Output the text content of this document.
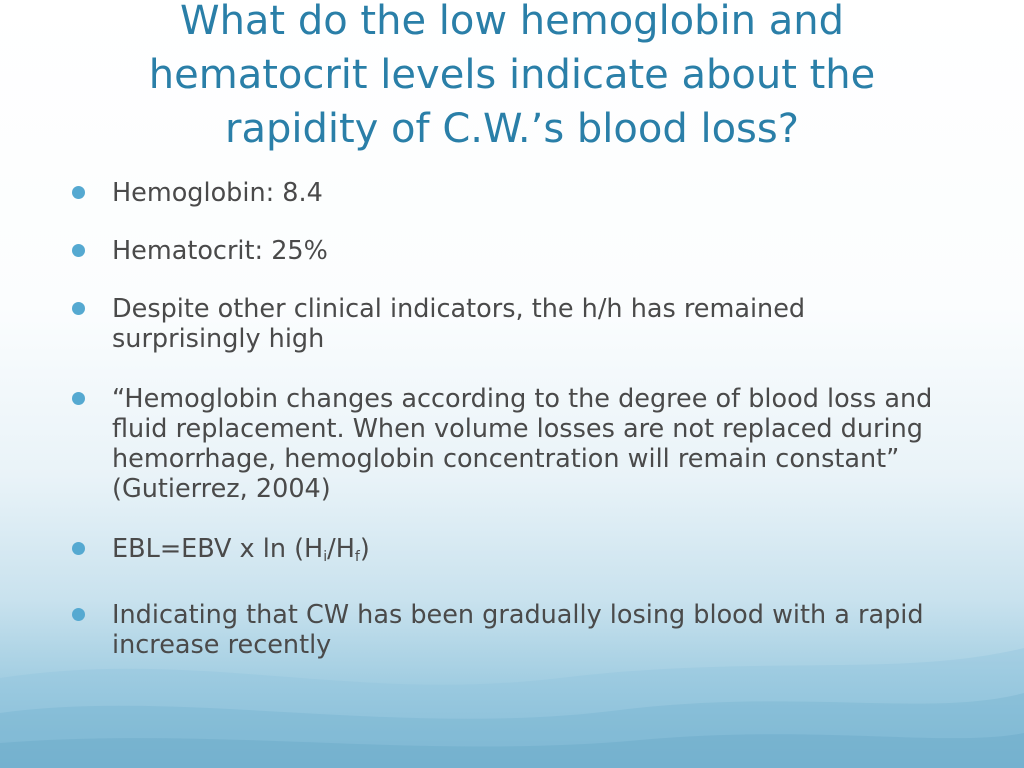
What do the low hemoglobin and hematocrit levels indicate about the rapidity of C.W.’s blood loss?
Hemoglobin: 8.4
Hematocrit: 25%
Despite other clinical indicators, the h/h has remained surprisingly high
“Hemoglobin changes according to the degree of blood loss and fluid replacement. When volume losses are not replaced during hemorrhage, hemoglobin concentration will remain constant” (Gutierrez, 2004)
EBL=EBV x $\ln (H_i/H_f)$
Indicating that CW has been gradually losing blood with a rapid increase recently
